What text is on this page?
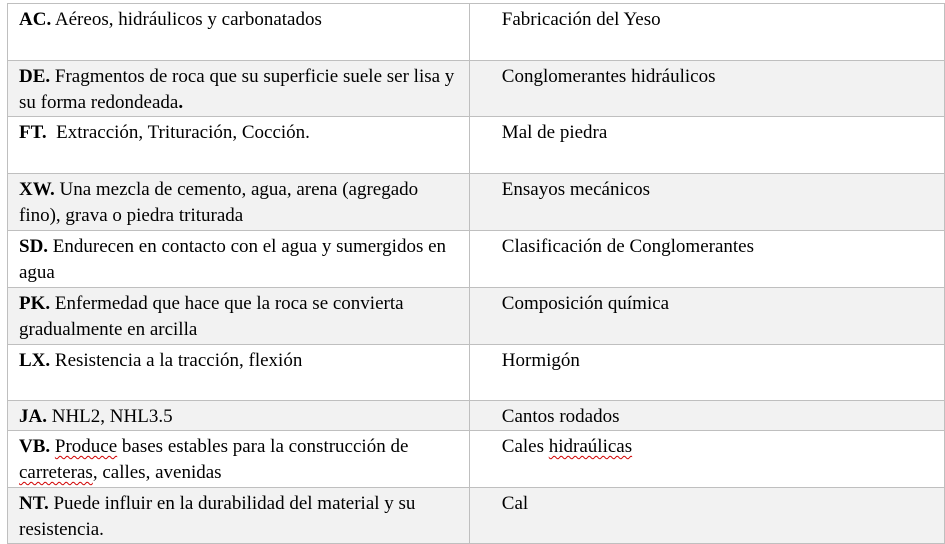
AC. Aéreos, hidráulicos y carbonatados	Fabricación del Yeso
DE. Fragmentos de roca que su superficie suele ser lisa y su forma redondeada.	Conglomerantes hidráulicos
FT.  Extracción, Trituración, Cocción.	Mal de piedra
XW. Una mezcla de cemento, agua, arena (agregado fino), grava o piedra triturada	Ensayos mecánicos
SD. Endurecen en contacto con el agua y sumergidos en agua	Clasificación de Conglomerantes
PK. Enfermedad que hace que la roca se convierta gradualmente en arcilla	Composición química
LX. Resistencia a la tracción, flexión	Hormigón
JA. NHL2, NHL3.5	Cantos rodados
VB. Produce bases estables para la construcción de carreteras, calles, avenidas	Cales hidraúlicas
NT. Puede influir en la durabilidad del material y su resistencia.	Cal
